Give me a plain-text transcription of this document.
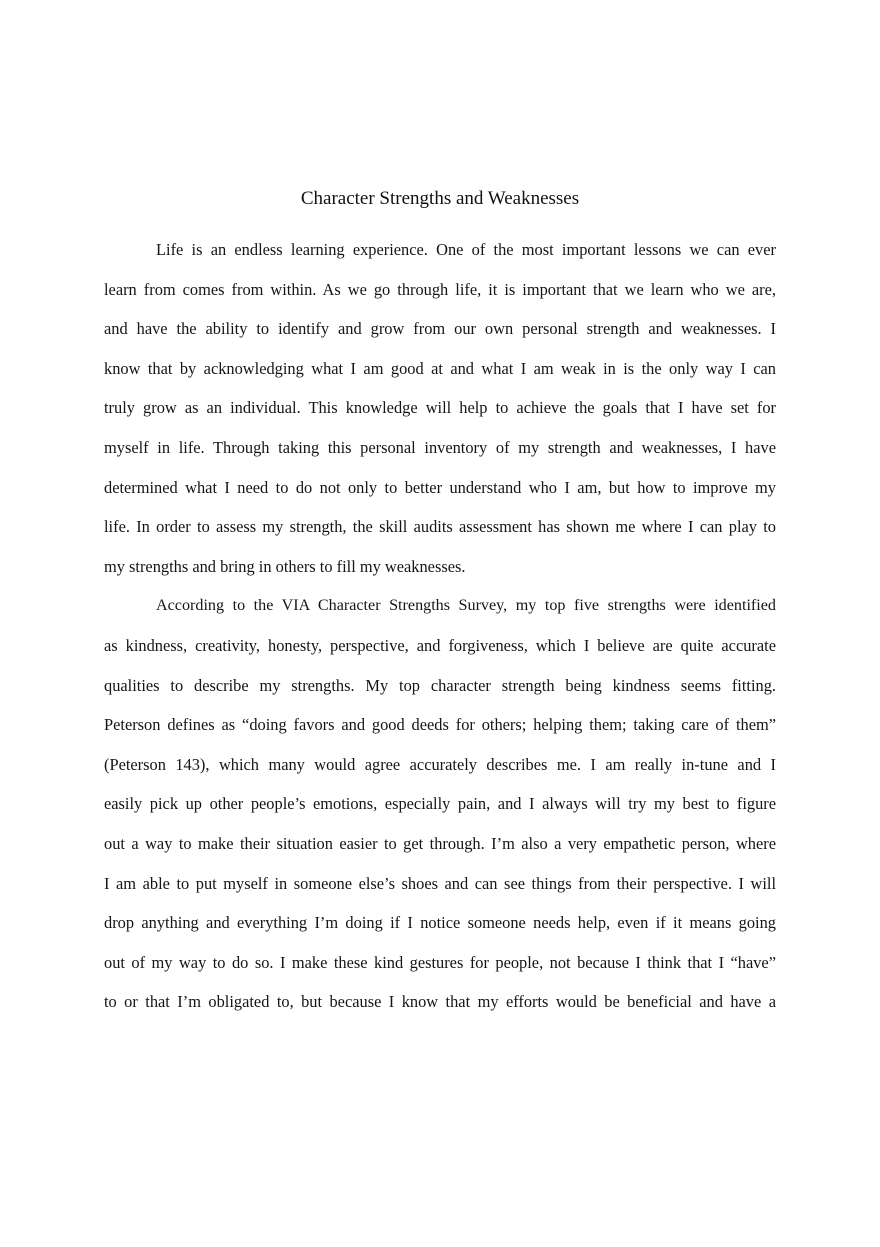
Character Strengths and Weaknesses
Life is an endless learning experience. One of the most important lessons we can ever
learn from comes from within. As we go through life, it is important that we learn who we are,
and have the ability to identify and grow from our own personal strength and weaknesses. I
know that by acknowledging what I am good at and what I am weak in is the only way I can
truly grow as an individual. This knowledge will help to achieve the goals that I have set for
myself in life. Through taking this personal inventory of my strength and weaknesses, I have
determined what I need to do not only to better understand who I am, but how to improve my
life. In order to assess my strength, the skill audits assessment has shown me where I can play to
my strengths and bring in others to fill my weaknesses.
According to the VIA Character Strengths Survey, my top five strengths were identified
as kindness, creativity, honesty, perspective, and forgiveness, which I believe are quite accurate
qualities to describe my strengths. My top character strength being kindness seems fitting.
Peterson defines as “doing favors and good deeds for others; helping them; taking care of them”
(Peterson 143), which many would agree accurately describes me. I am really in-tune and I
easily pick up other people’s emotions, especially pain, and I always will try my best to figure
out a way to make their situation easier to get through. I’m also a very empathetic person, where
I am able to put myself in someone else’s shoes and can see things from their perspective. I will
drop anything and everything I’m doing if I notice someone needs help, even if it means going
out of my way to do so. I make these kind gestures for people, not because I think that I “have”
to or that I’m obligated to, but because I know that my efforts would be beneficial and have a
